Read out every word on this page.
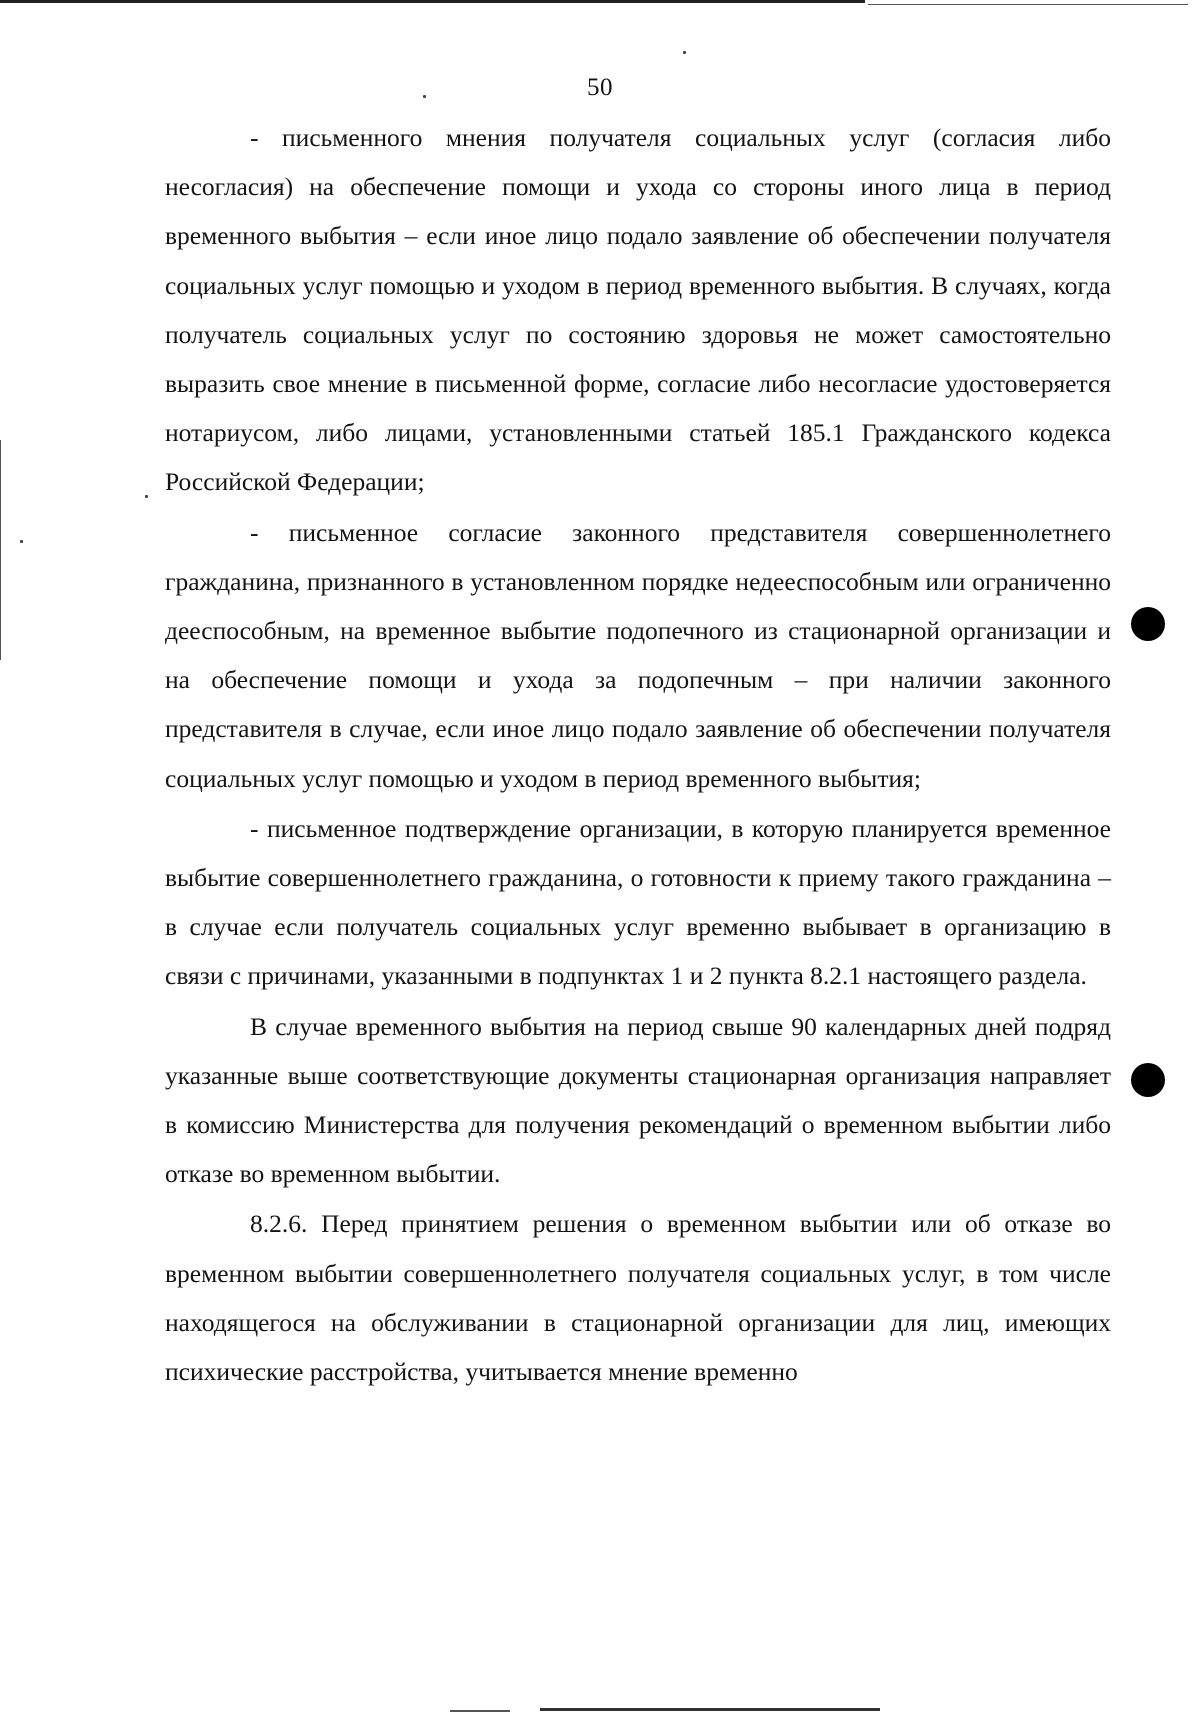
50

- письменного мнения получателя социальных услуг (согласия либо несогласия) на обеспечение помощи и ухода со стороны иного лица в период временного выбытия – если иное лицо подало заявление об обеспечении получателя социальных услуг помощью и уходом в период временного выбытия. В случаях, когда получатель социальных услуг по состоянию здоровья не может самостоятельно выразить свое мнение в письменной форме, согласие либо несогласие удостоверяется нотариусом, либо лицами, установленными статьей 185.1 Гражданского кодекса Российской Федерации;

- письменное согласие законного представителя совершеннолетнего гражданина, признанного в установленном порядке недееспособным или ограниченно дееспособным, на временное выбытие подопечного из стационарной организации и на обеспечение помощи и ухода за подопечным – при наличии законного представителя в случае, если иное лицо подало заявление об обеспечении получателя социальных услуг помощью и уходом в период временного выбытия;

- письменное подтверждение организации, в которую планируется временное выбытие совершеннолетнего гражданина, о готовности к приему такого гражданина – в случае если получатель социальных услуг временно выбывает в организацию в связи с причинами, указанными в подпунктах 1 и 2 пункта 8.2.1 настоящего раздела.

В случае временного выбытия на период свыше 90 календарных дней подряд указанные выше соответствующие документы стационарная организация направляет в комиссию Министерства для получения рекомендаций о временном выбытии либо отказе во временном выбытии.

8.2.6. Перед принятием решения о временном выбытии или об отказе во временном выбытии совершеннолетнего получателя социальных услуг, в том числе находящегося на обслуживании в стационарной организации для лиц, имеющих психические расстройства, учитывается мнение временно
